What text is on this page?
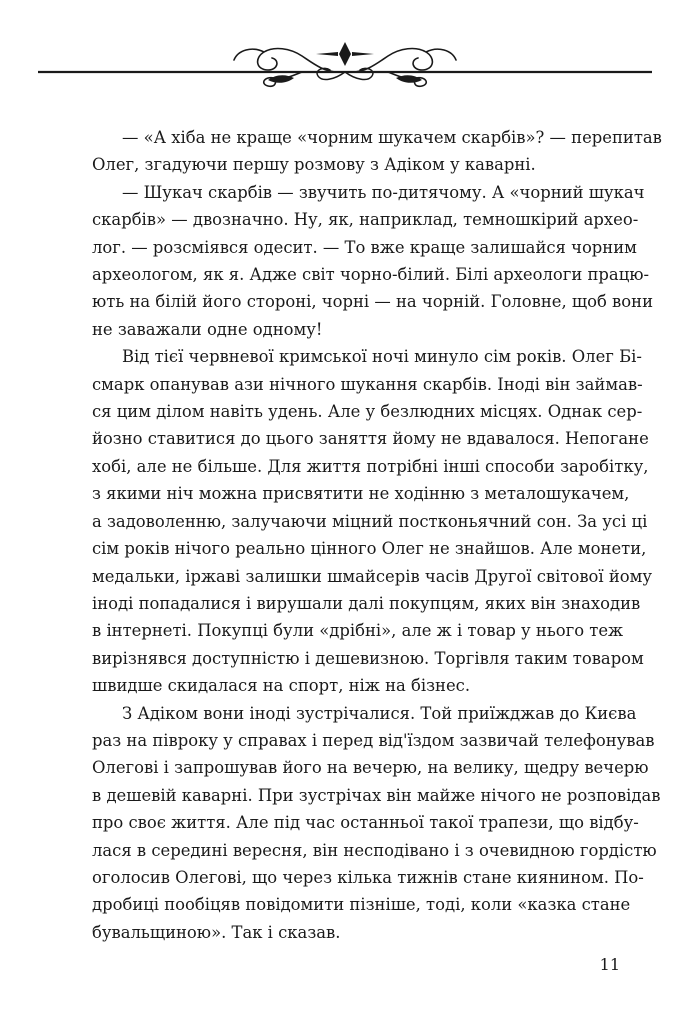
— «А хіба не краще «чорним шукачем скарбів»? — перепитав
Олег, згадуючи першу розмову з Адіком у каварні.

— Шукач скарбів — звучить по-дитячому. А «чорний шукач
скарбів» — двозначно. Ну, як, наприклад, темношкірий архео-
лог. — розсміявся одесит. — То вже краще залишайся чорним
археологом, як я. Адже світ чорно-білий. Білі археологи працю-
ють на білій його стороні, чорні — на чорній. Головне, щоб вони
не заважали одне одному!

Від тієї червневої кримської ночі минуло сім років. Олег Бі-
смарк опанував ази нічного шукання скарбів. Іноді він займав-
ся цим ділом навіть удень. Але у безлюдних місцях. Однак сер-
йозно ставитися до цього заняття йому не вдавалося. Непогане
хобі, але не більше. Для життя потрібні інші способи заробітку,
з якими ніч можна присвятити не ходінню з металошукачем,
а задоволенню, залучаючи міцний постконьячний сон. За усі ці
сім років нічого реально цінного Олег не знайшов. Але монети,
медальки, іржаві залишки шмайсерів часів Другої світової йому
іноді попадалися і вирушали далі покупцям, яких він знаходив
в інтернеті. Покупці були «дрібні», але ж і товар у нього теж
вирізнявся доступністю і дешевизною. Торгівля таким товаром
швидше скидалася на спорт, ніж на бізнес.

З Адіком вони іноді зустрічалися. Той приїжджав до Києва
раз на півроку у справах і перед від'їздом зазвичай телефонував
Олегові і запрошував його на вечерю, на велику, щедру вечерю
в дешевій каварні. При зустрічах він майже нічого не розповідав
про своє життя. Але під час останньої такої трапези, що відбу-
лася в середині вересня, він несподівано і з очевидною гордістю
оголосив Олегові, що через кілька тижнів стане киянином. По-
дробиці пообіцяв повідомити пізніше, тоді, коли «казка стане
бувальщиною». Так і сказав.

11
